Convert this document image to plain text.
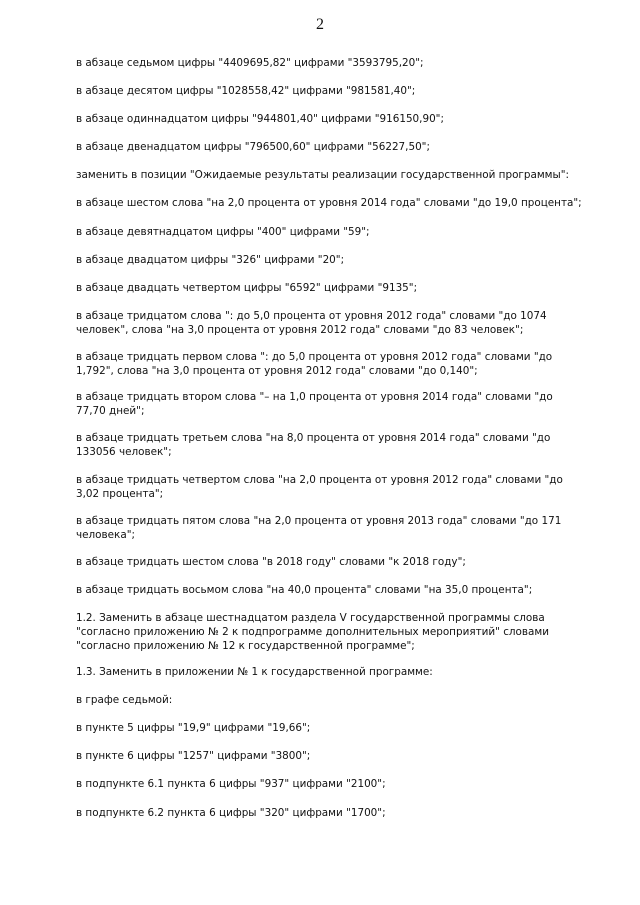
2

в абзаце седьмом цифры "4409695,82" цифрами "3593795,20";

в абзаце десятом цифры "1028558,42" цифрами "981581,40";

в абзаце одиннадцатом цифры "944801,40" цифрами "916150,90";

в абзаце двенадцатом цифры "796500,60" цифрами "56227,50";

заменить в позиции "Ожидаемые результаты реализации государственной программы":

в абзаце шестом слова "на 2,0 процента от уровня 2014 года" словами "до 19,0 процента";

в абзаце девятнадцатом цифры "400" цифрами "59";

в абзаце двадцатом цифры "326" цифрами "20";

в абзаце двадцать четвертом цифры "6592" цифрами "9135";

в абзаце тридцатом слова ": до 5,0 процента от уровня 2012 года" словами "до 1074
человек", слова "на 3,0 процента от уровня 2012 года" словами "до 83 человек";

в абзаце тридцать первом слова ": до 5,0 процента от уровня 2012 года" словами "до
1,792", слова "на 3,0 процента от уровня 2012 года" словами "до 0,140";

в абзаце тридцать втором слова "– на 1,0 процента от уровня 2014 года" словами "до
77,70 дней";

в абзаце тридцать третьем слова "на 8,0 процента от уровня 2014 года" словами "до
133056 человек";

в абзаце тридцать четвертом слова "на 2,0 процента от уровня 2012 года" словами "до
3,02 процента";

в абзаце тридцать пятом слова "на 2,0 процента от уровня 2013 года" словами "до 171
человека";

в абзаце тридцать шестом слова "в 2018 году" словами "к 2018 году";

в абзаце тридцать восьмом слова "на 40,0 процента" словами "на 35,0 процента";

1.2. Заменить в абзаце шестнадцатом раздела V государственной программы слова
"согласно приложению № 2 к подпрограмме дополнительных мероприятий" словами
"согласно приложению № 12 к государственной программе";

1.3. Заменить в приложении № 1 к государственной программе:

в графе седьмой:

в пункте 5 цифры "19,9" цифрами "19,66";

в пункте 6 цифры "1257" цифрами "3800";

в подпункте 6.1 пункта 6 цифры "937" цифрами "2100";

в подпункте 6.2 пункта 6 цифры "320" цифрами "1700";
